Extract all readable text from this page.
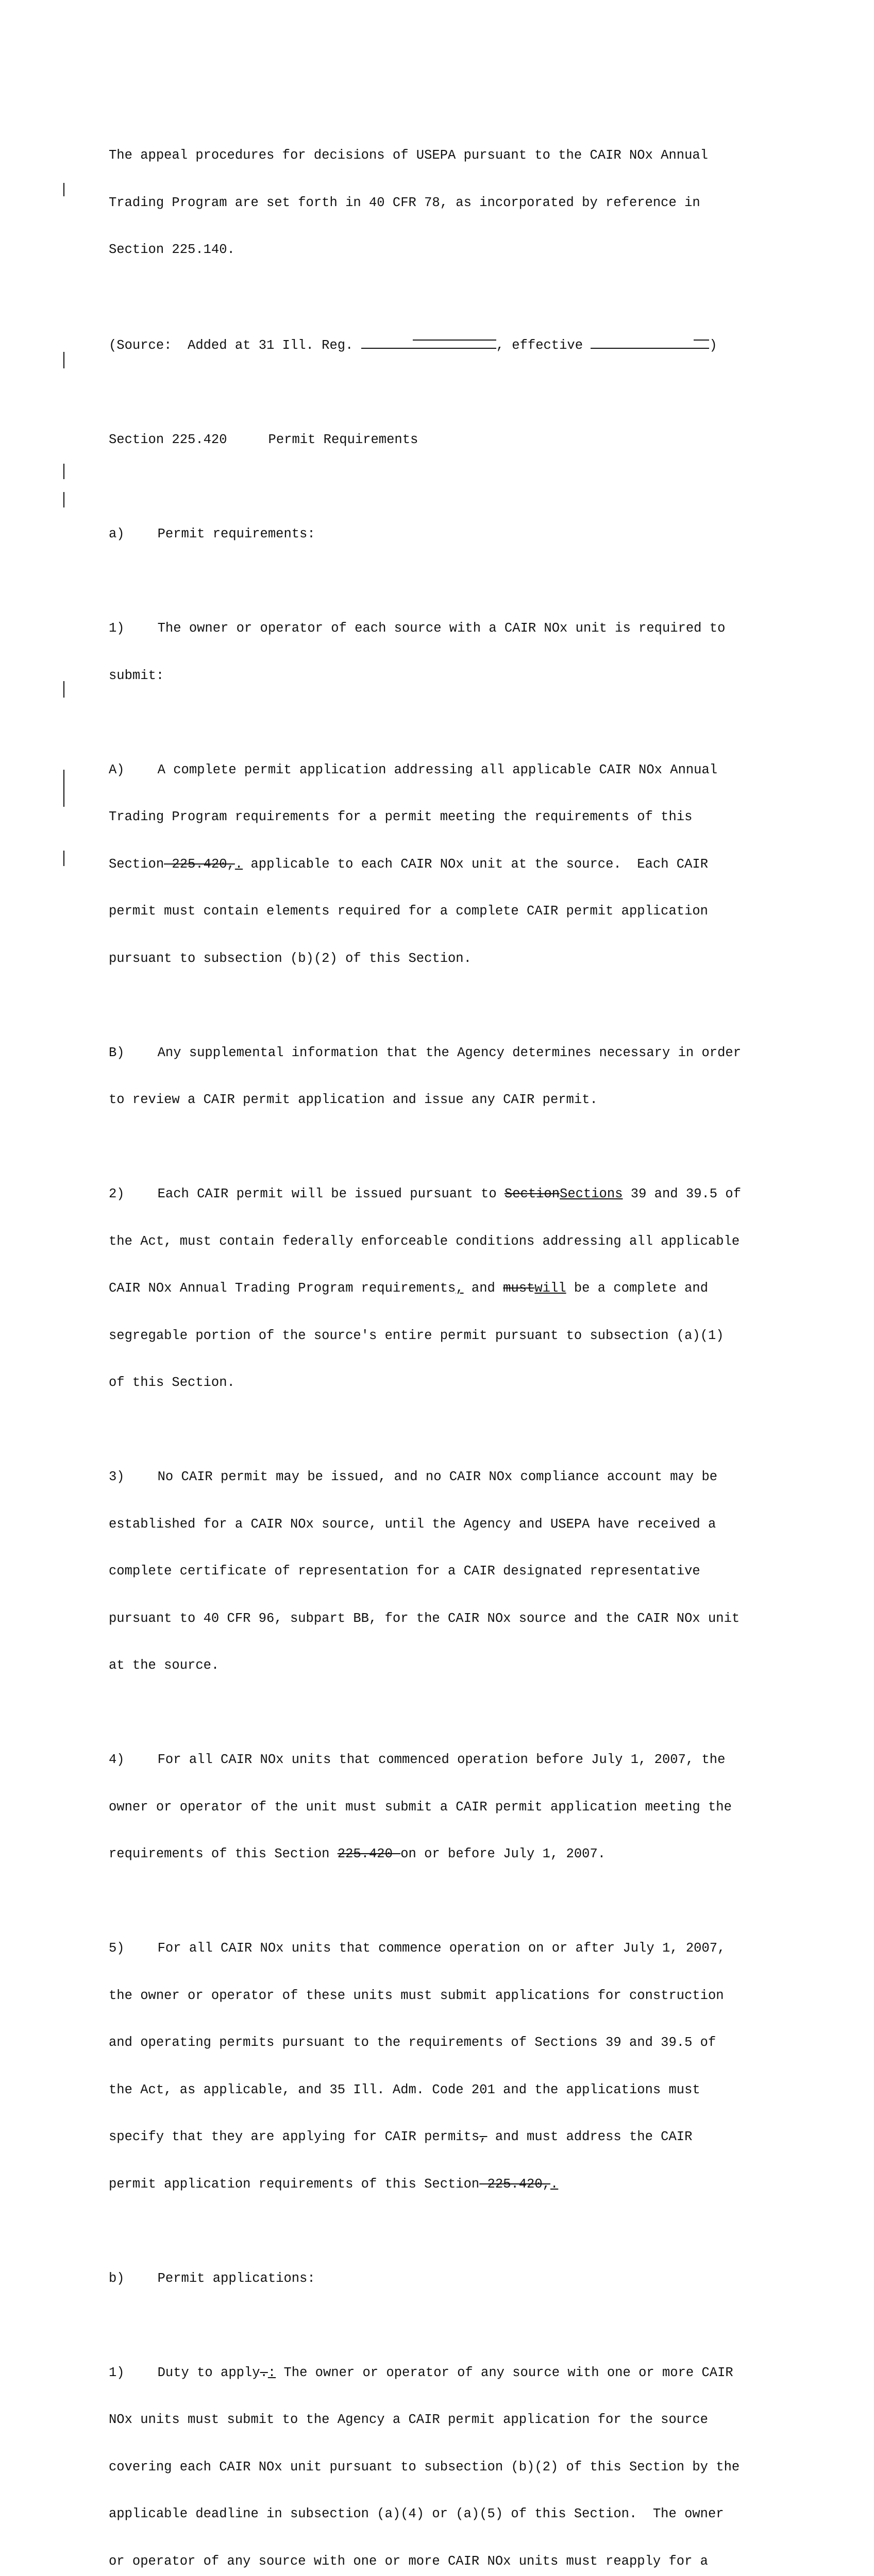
The appeal procedures for decisions of USEPA pursuant to the CAIR NOx Annual

Trading Program are set forth in 40 CFR 78, as incorporated by reference in

Section 225.140.

(Source:  Added at 31 Ill. Reg.	, effective	)

Section 225.420	Permit Requirements

a)	Permit requirements:

1)	The owner or operator of each source with a CAIR NOx unit is required to

submit:

A)	A complete permit application addressing all applicable CAIR NOx Annual

Trading Program requirements for a permit meeting the requirements of this

Section 225.420,. applicable to each CAIR NOx unit at the source.  Each CAIR

permit must contain elements required for a complete CAIR permit application

pursuant to subsection (b)(2) of this Section.

B)	Any supplemental information that the Agency determines necessary in order

to review a CAIR permit application and issue any CAIR permit.

2)	Each CAIR permit will be issued pursuant to SectionSections 39 and 39.5 of

the Act, must contain federally enforceable conditions addressing all applicable

CAIR NOx Annual Trading Program requirements, and mustwill be a complete and

segregable portion of the source's entire permit pursuant to subsection (a)(1)

of this Section.

3)	No CAIR permit may be issued, and no CAIR NOx compliance account may be

established for a CAIR NOx source, until the Agency and USEPA have received a

complete certificate of representation for a CAIR designated representative

pursuant to 40 CFR 96, subpart BB, for the CAIR NOx source and the CAIR NOx unit

at the source.

4)	For all CAIR NOx units that commenced operation before July 1, 2007, the

owner or operator of the unit must submit a CAIR permit application meeting the

requirements of this Section 225.420 on or before July 1, 2007.

5)	For all CAIR NOx units that commence operation on or after July 1, 2007,

the owner or operator of these units must submit applications for construction

and operating permits pursuant to the requirements of Sections 39 and 39.5 of

the Act, as applicable, and 35 Ill. Adm. Code 201 and the applications must

specify that they are applying for CAIR permits, and must address the CAIR

permit application requirements of this Section 225.420,.

b)	Permit applications:

1)	Duty to apply.: The owner or operator of any source with one or more CAIR

NOx units must submit to the Agency a CAIR permit application for the source

covering each CAIR NOx unit pursuant to subsection (b)(2) of this Section by the

applicable deadline in subsection (a)(4) or (a)(5) of this Section.  The owner

or operator of any source with one or more CAIR NOx units must reapply for a
